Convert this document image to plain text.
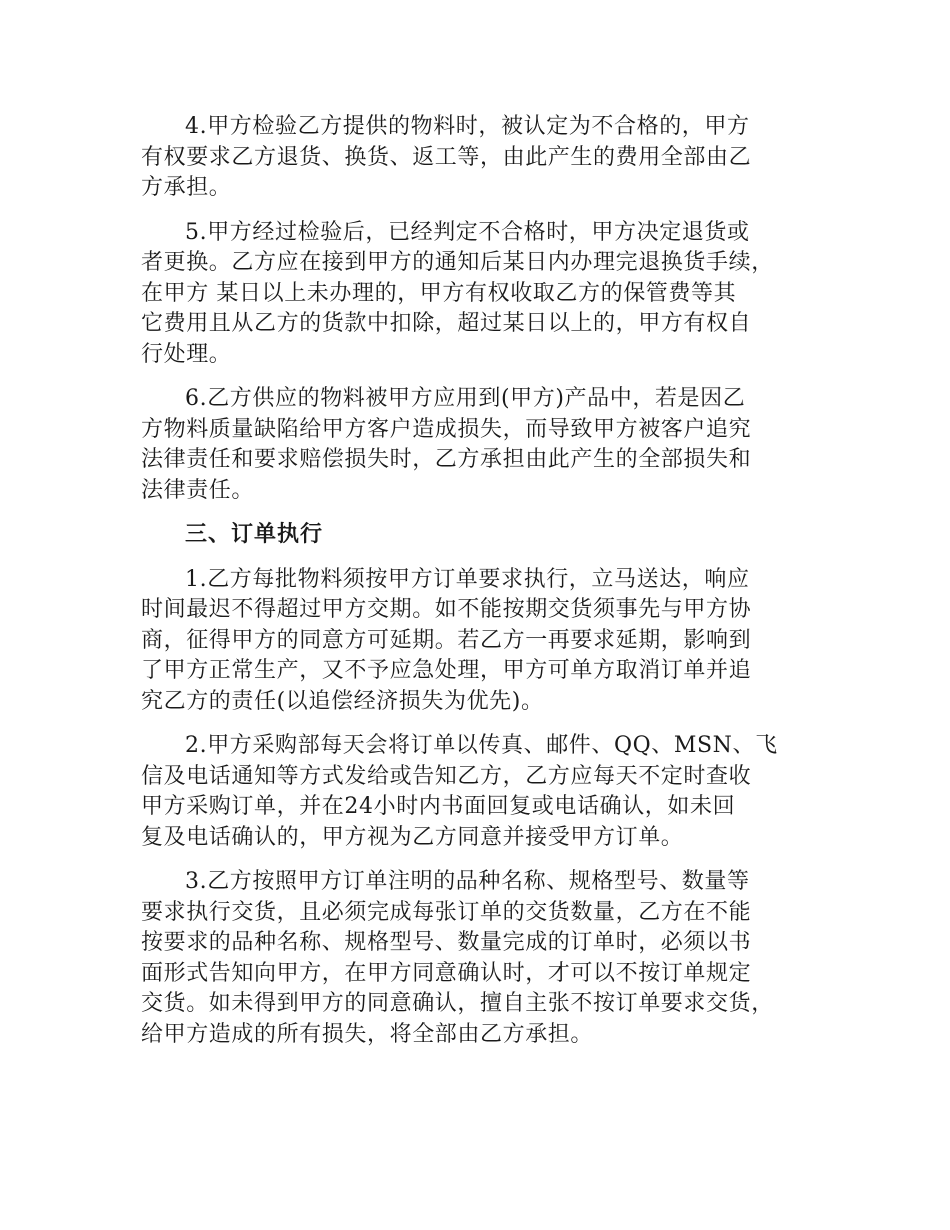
4.甲方检验乙方提供的物料时，被认定为不合格的，甲方
有权要求乙方退货、换货、返工等，由此产生的费用全部由乙
方承担。
5.甲方经过检验后，已经判定不合格时，甲方决定退货或
者更换。乙方应在接到甲方的通知后某日内办理完退换货手续，
在甲方 某日以上未办理的，甲方有权收取乙方的保管费等其
它费用且从乙方的货款中扣除，超过某日以上的，甲方有权自
行处理。
6.乙方供应的物料被甲方应用到(甲方)产品中，若是因乙
方物料质量缺陷给甲方客户造成损失，而导致甲方被客户追究
法律责任和要求赔偿损失时，乙方承担由此产生的全部损失和
法律责任。
三、订单执行
1.乙方每批物料须按甲方订单要求执行，立马送达，响应
时间最迟不得超过甲方交期。如不能按期交货须事先与甲方协
商，征得甲方的同意方可延期。若乙方一再要求延期，影响到
了甲方正常生产，又不予应急处理，甲方可单方取消订单并追
究乙方的责任(以追偿经济损失为优先)。
2.甲方采购部每天会将订单以传真、邮件、QQ、MSN、飞
信及电话通知等方式发给或告知乙方，乙方应每天不定时查收
甲方采购订单，并在24小时内书面回复或电话确认，如未回
复及电话确认的，甲方视为乙方同意并接受甲方订单。
3.乙方按照甲方订单注明的品种名称、规格型号、数量等
要求执行交货，且必须完成每张订单的交货数量，乙方在不能
按要求的品种名称、规格型号、数量完成的订单时，必须以书
面形式告知向甲方，在甲方同意确认时，才可以不按订单规定
交货。如未得到甲方的同意确认，擅自主张不按订单要求交货，
给甲方造成的所有损失，将全部由乙方承担。
